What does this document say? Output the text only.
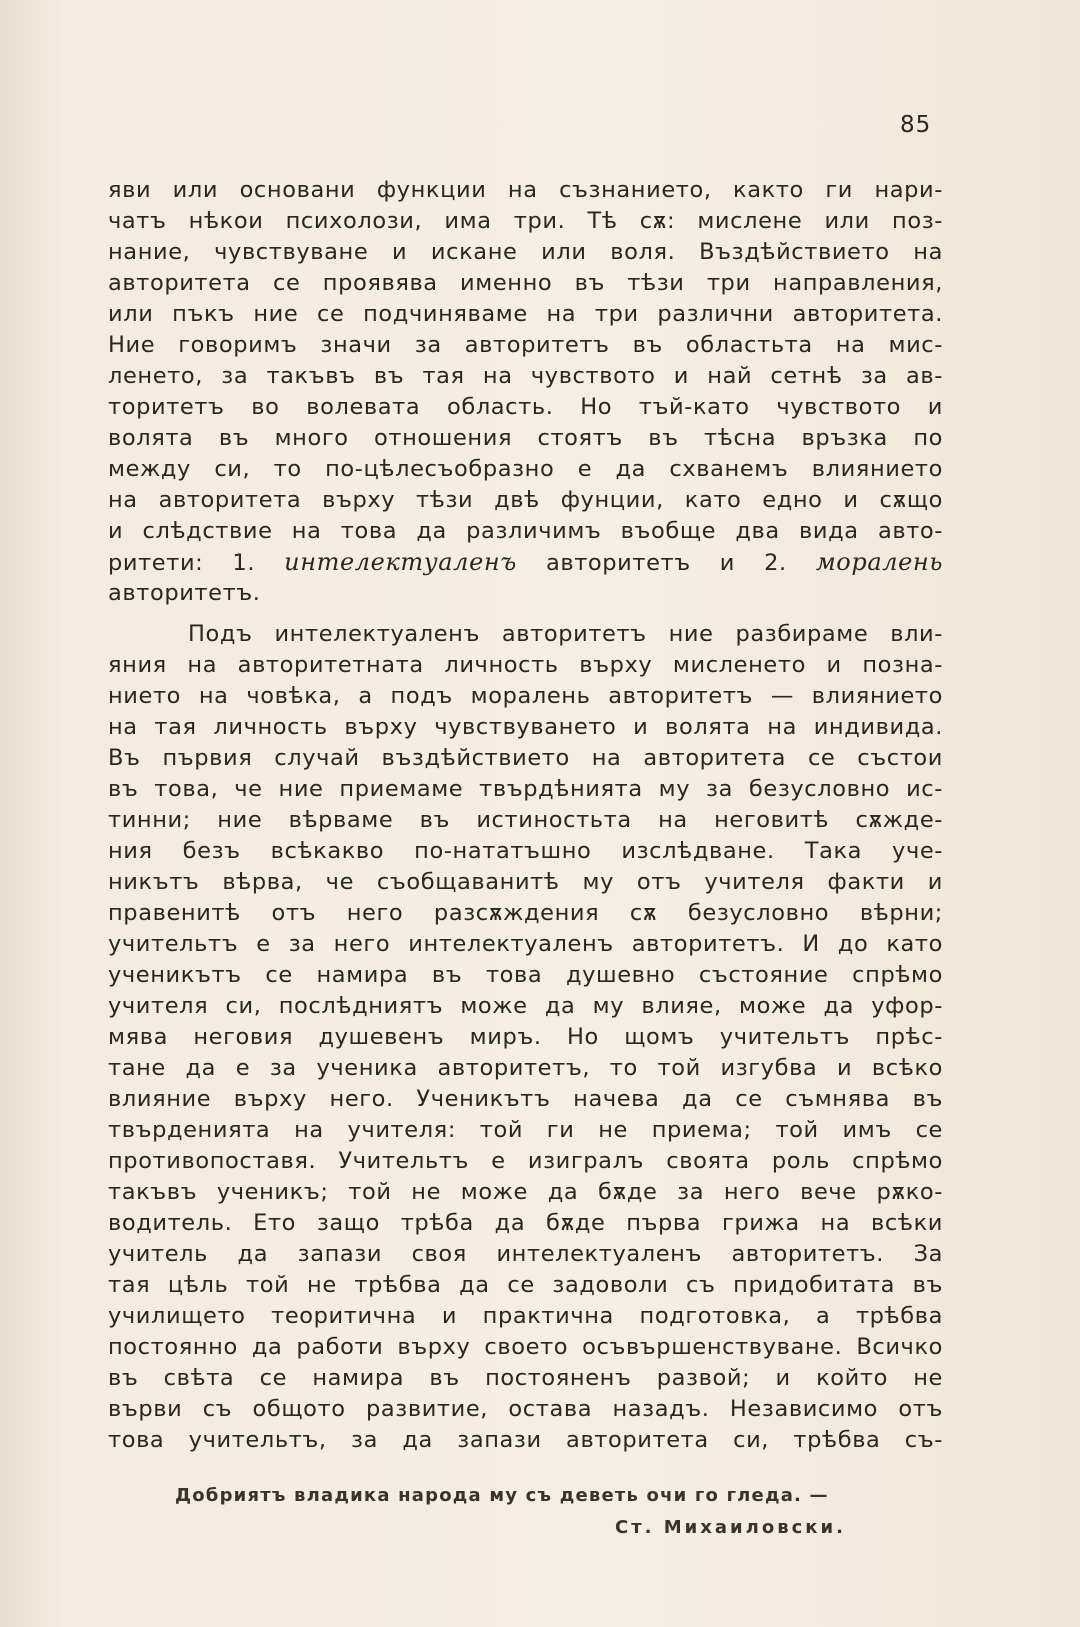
85
яви или основани функции на съзнанието, както ги нари-
чатъ нѣкои психолози, има три. Тѣ сѫ: мислене или поз-
нание, чувствуване и искане или воля. Въздѣйствието на
авторитета се проявява именно въ тѣзи три направления,
или пъкъ ние се подчиняваме на три различни авторитета.
Ние говоримъ значи за авторитетъ въ областьта на мис-
ленето, за такъвъ въ тая на чувството и най сетнѣ за ав-
торитетъ во волевата область. Но тъй-като чувството и
волята въ много отношения стоятъ въ тѣсна връзка по
между си, то по-цѣлесъобразно е да схванемъ влиянието
на авторитета върху тѣзи двѣ фунции, като едно и сѫщо
и слѣдствие на това да различимъ въобще два вида авто-
ритети: 1. интелектуаленъ авторитетъ и 2. моралень
авторитетъ.
Подъ интелектуаленъ авторитетъ ние разбираме вли-
яния на авторитетната личность върху мисленето и позна-
нието на човѣка, а подъ моралень авторитетъ — влиянието
на тая личность върху чувствуването и волята на индивида.
Въ първия случай въздѣйствието на авторитета се състои
въ това, че ние приемаме твърдѣнията му за безусловно ис-
тинни; ние вѣрваме въ истиностьта на неговитѣ сѫжде-
ния безъ всѣкакво по-нататъшно изслѣдване. Така уче-
никътъ вѣрва, че съобщаванитѣ му отъ учителя факти и
правенитѣ отъ него разсѫждения сѫ безусловно вѣрни;
учительтъ е за него интелектуаленъ авторитетъ. И до като
ученикътъ се намира въ това душевно състояние спрѣмо
учителя си, послѣдниятъ може да му влияе, може да уфор-
мява неговия душевенъ миръ. Но щомъ учительтъ прѣс-
тане да е за ученика авторитетъ, то той изгубва и всѣко
влияние върху него. Ученикътъ начева да се съмнява въ
твърденията на учителя: той ги не приема; той имъ се
противопоставя. Учительтъ е изигралъ своята роль спрѣмо
такъвъ ученикъ; той не може да бѫде за него вече рѫко-
водитель. Ето защо трѣба да бѫде първа грижа на всѣки
учитель да запази своя интелектуаленъ авторитетъ. За
тая цѣль той не трѣбва да се задоволи съ придобитата въ
училището теоритична и практична подготовка, а трѣбва
постоянно да работи върху своето осъвършенствуване. Всичко
въ свѣта се намира въ постояненъ развой; и който не
върви съ общото развитие, остава назадъ. Независимо отъ
това учительтъ, за да запази авторитета си, трѣбва съ-
Добриятъ владика народа му съ деветь очи го гледа. —
Ст. Михаиловски.
